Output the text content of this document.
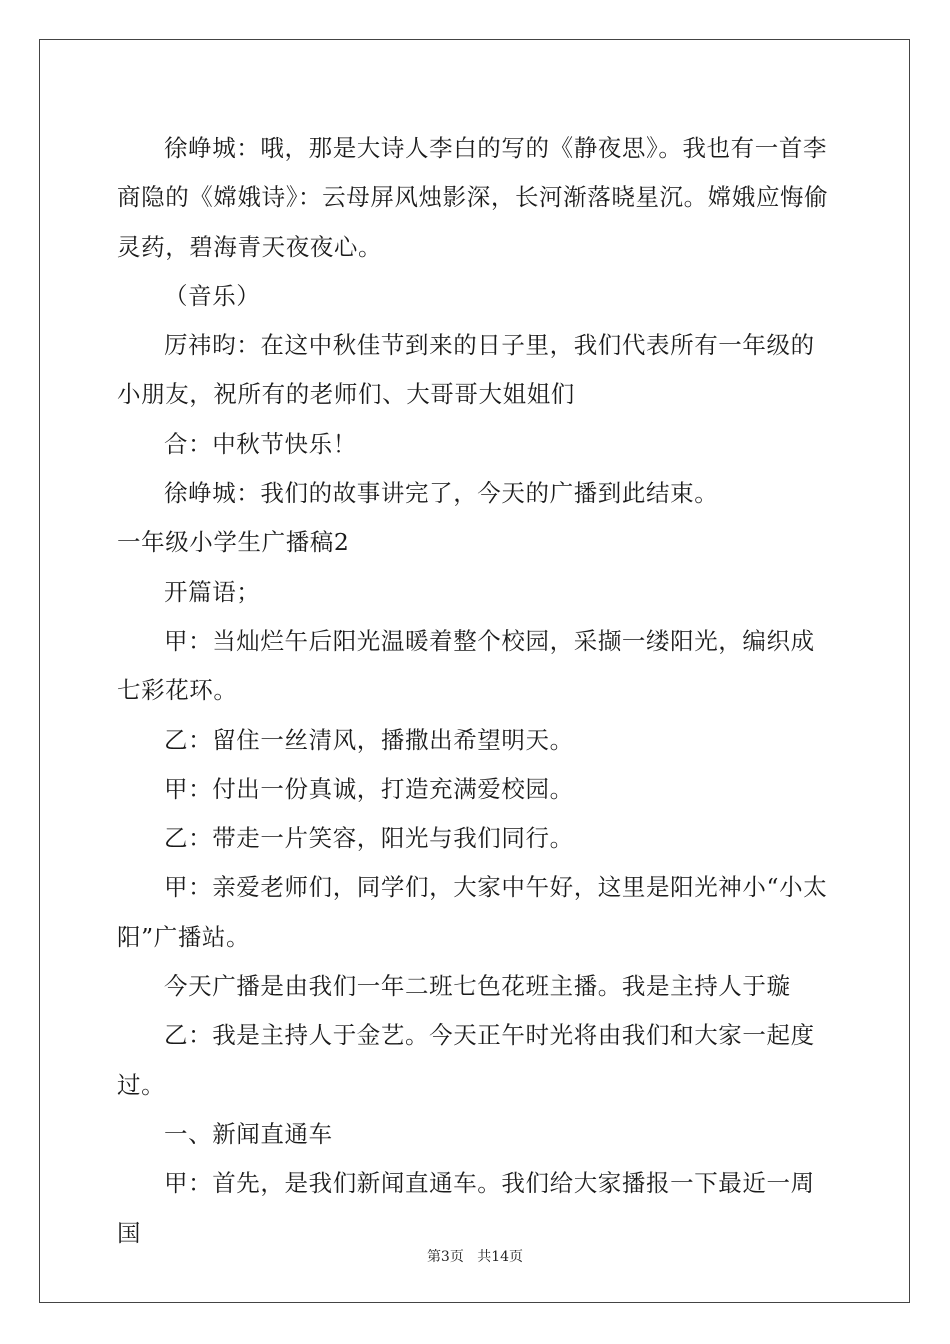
徐峥城：哦，那是大诗人李白的写的《静夜思》。我也有一首李商隐的《嫦娥诗》：云母屏风烛影深，长河渐落晓星沉。嫦娥应悔偷灵药，碧海青天夜夜心。

（音乐）

厉祎昀：在这中秋佳节到来的日子里，我们代表所有一年级的小朋友，祝所有的老师们、大哥哥大姐姐们

合：中秋节快乐！

徐峥城：我们的故事讲完了，今天的广播到此结束。

一年级小学生广播稿2

开篇语；

甲：当灿烂午后阳光温暖着整个校园，采撷一缕阳光，编织成七彩花环。

乙：留住一丝清风，播撒出希望明天。

甲：付出一份真诚，打造充满爱校园。

乙：带走一片笑容，阳光与我们同行。

甲：亲爱老师们，同学们，大家中午好，这里是阳光神小“小太阳”广播站。

今天广播是由我们一年二班七色花班主播。我是主持人于璇

乙：我是主持人于金艺。今天正午时光将由我们和大家一起度过。

一、新闻直通车

甲：首先，是我们新闻直通车。我们给大家播报一下最近一周国

第3页 共14页
